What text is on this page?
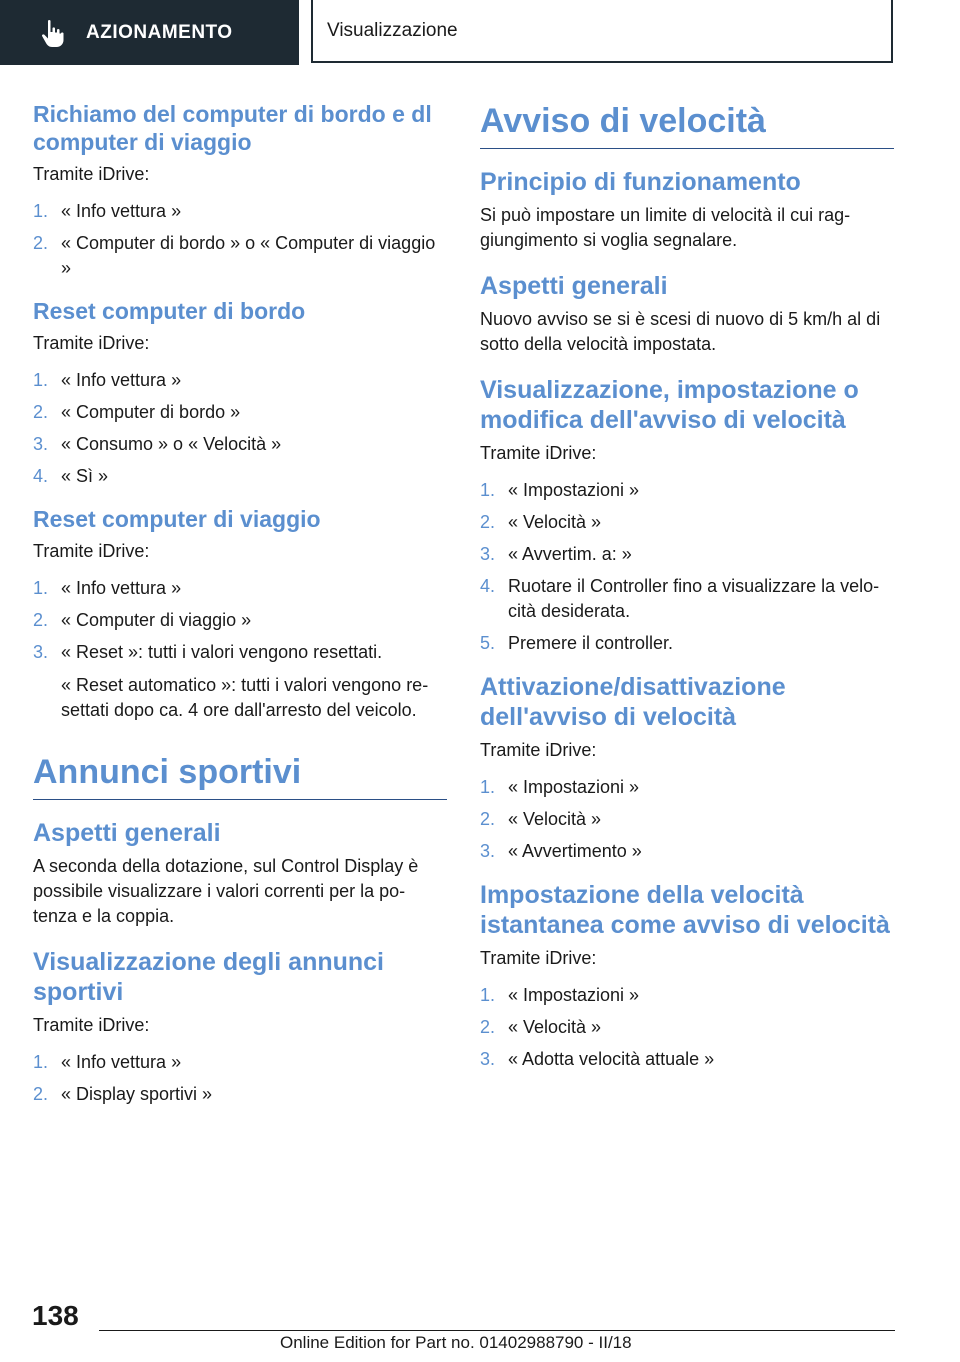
AZIONAMENTO	Visualizzazione
Richiamo del computer di bordo e dl computer di viaggio

Tramite iDrive:

1. « Info vettura »
2. « Computer di bordo » o « Computer di viaggio »
Reset computer di bordo

Tramite iDrive:

1. « Info vettura »
2. « Computer di bordo »
3. « Consumo » o « Velocità »
4. « Sì »
Reset computer di viaggio

Tramite iDrive:

1. « Info vettura »
2. « Computer di viaggio »
3. « Reset »: tutti i valori vengono resettati.
« Reset automatico »: tutti i valori vengono re-settati dopo ca. 4 ore dall'arresto del veicolo.
Annunci sportivi
Aspetti generali

A seconda della dotazione, sul Control Display è possibile visualizzare i valori correnti per la po-tenza e la coppia.

Visualizzazione degli annunci sportivi

Tramite iDrive:

1. « Info vettura »
2. « Display sportivi »
Avviso di velocità
Principio di funzionamento

Si può impostare un limite di velocità il cui rag-giungimento si voglia segnalare.

Aspetti generali

Nuovo avviso se si è scesi di nuovo di 5 km/h al di sotto della velocità impostata.

Visualizzazione, impostazione o modifica dell'avviso di velocità

Tramite iDrive:

1. « Impostazioni »
2. « Velocità »
3. « Avvertim. a: »
4. Ruotare il Controller fino a visualizzare la velo-cità desiderata.
5. Premere il controller.
Attivazione/disattivazione dell'avviso di velocità

Tramite iDrive:

1. « Impostazioni »
2. « Velocità »
3. « Avvertimento »
Impostazione della velocità istantanea come avviso di velocità

Tramite iDrive:

1. « Impostazioni »
2. « Velocità »
3. « Adotta velocità attuale »
138
Online Edition for Part no. 01402988790 - II/18
